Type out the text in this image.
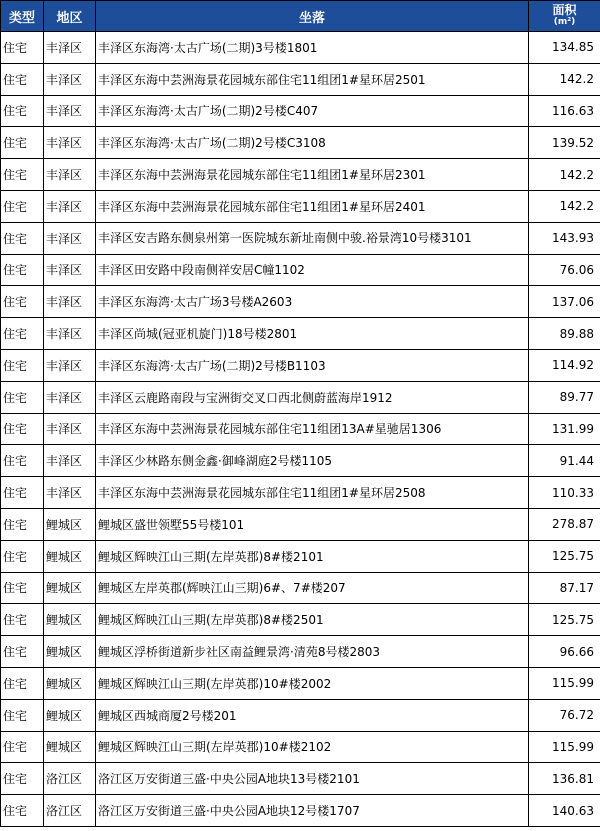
类型	地区	坐落	面积
(m²)

住宅	丰泽区	丰泽区东海湾·太古广场(二期)3号楼1801	134.85
住宅	丰泽区	丰泽区东海中芸洲海景花园城东部住宅11组团1#星环居2501	142.2
住宅	丰泽区	丰泽区东海湾·太古广场(二期)2号楼C407	116.63
住宅	丰泽区	丰泽区东海湾·太古广场(二期)2号楼C3108	139.52
住宅	丰泽区	丰泽区东海中芸洲海景花园城东部住宅11组团1#星环居2301	142.2
住宅	丰泽区	丰泽区东海中芸洲海景花园城东部住宅11组团1#星环居2401	142.2
住宅	丰泽区	丰泽区安吉路东侧泉州第一医院城东新址南侧中骏.裕景湾10号楼3101	143.93
住宅	丰泽区	丰泽区田安路中段南侧祥安居C幢1102	76.06
住宅	丰泽区	丰泽区东海湾·太古广场3号楼A2603	137.06
住宅	丰泽区	丰泽区尚城(冠亚机旋门)18号楼2801	89.88
住宅	丰泽区	丰泽区东海湾·太古广场(二期)2号楼B1103	114.92
住宅	丰泽区	丰泽区云鹿路南段与宝洲街交叉口西北侧蔚蓝海岸1912	89.77
住宅	丰泽区	丰泽区东海中芸洲海景花园城东部住宅11组团13A#星驰居1306	131.99
住宅	丰泽区	丰泽区少林路东侧金鑫·御峰湖庭2号楼1105	91.44
住宅	丰泽区	丰泽区东海中芸洲海景花园城东部住宅11组团1#星环居2508	110.33
住宅	鲤城区	鲤城区盛世领墅55号楼101	278.87
住宅	鲤城区	鲤城区辉映江山三期(左岸英郡)8#楼2101	125.75
住宅	鲤城区	鲤城区左岸英郡(辉映江山三期)6#、7#楼207	87.17
住宅	鲤城区	鲤城区辉映江山三期(左岸英郡)8#楼2501	125.75
住宅	鲤城区	鲤城区浮桥街道新步社区南益鲤景湾·清苑8号楼2803	96.66
住宅	鲤城区	鲤城区辉映江山三期(左岸英郡)10#楼2002	115.99
住宅	鲤城区	鲤城区西城商厦2号楼201	76.72
住宅	鲤城区	鲤城区辉映江山三期(左岸英郡)10#楼2102	115.99
住宅	洛江区	洛江区万安街道三盛·中央公园A地块13号楼2101	136.81
住宅	洛江区	洛江区万安街道三盛·中央公园A地块12号楼1707	140.63
